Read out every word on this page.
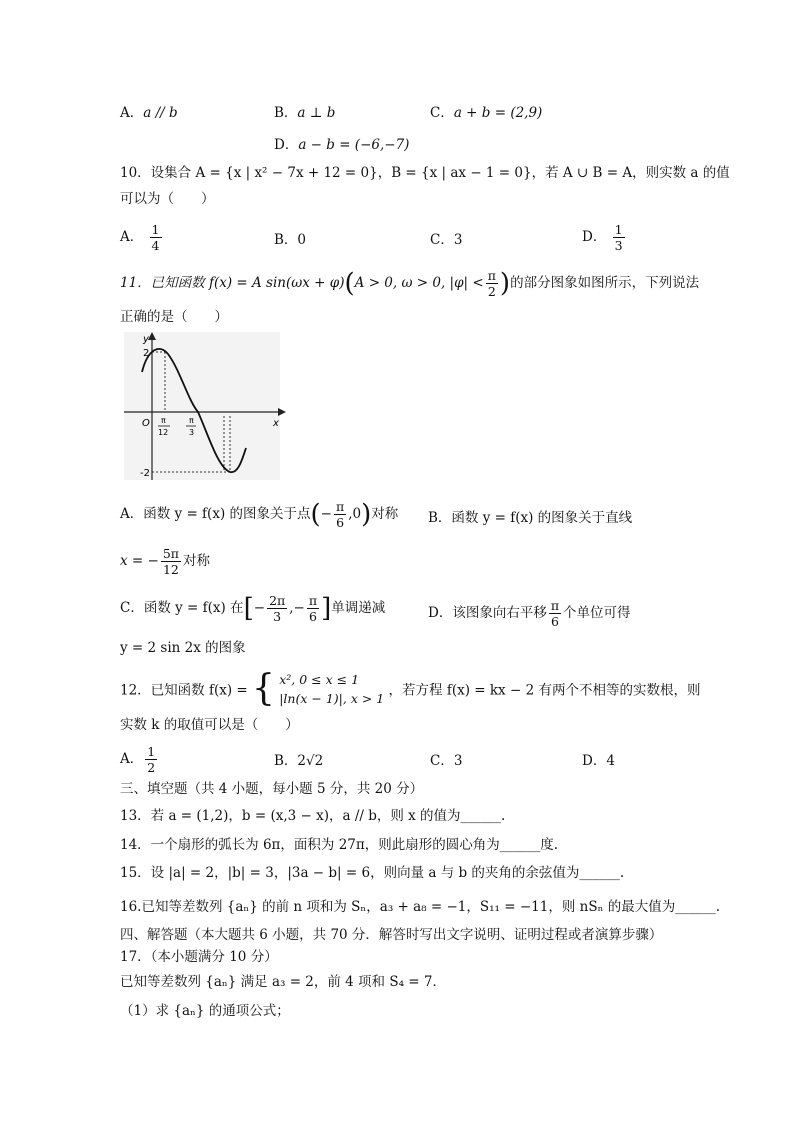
A．a // b	B．a ⊥ b	C．a + b = (2,9)
D．a − b = (−6,−7)
10．设集合 A = {x | x² − 7x + 12 = 0}，B = {x | ax − 1 = 0}，若 A ∪ B = A，则实数 a 的值
可以为（　　）
A． $\frac{1}{4}$	B．0	C．3	D． $\frac{1}{3}$
11．已知函数 f(x) = A sin(ωx + φ)(A > 0, ω > 0, $|\varphi| < \frac{\pi}{2}$ )的部分图象如图所示，下列说法
正确的是（　　）
y
x
O
2
-2
π
12
π
3
A．函数 y = f(x) 的图象关于点(− $\frac{\pi}{6} ,0$)对称 B．函数 y = f(x) 的图象关于直线
x = − $\frac{5\pi}{12}$ 对称
C．函数 y = f(x) 在[− $\frac{2\pi}{3}$ ,− $\frac{\pi}{6}$ ]单调递减	D．该图象向右平移 $\frac{\pi}{6}$ 个单位可得
y = 2 sin 2x 的图象
12．已知函数 f(x) = { x², 0 ≤ x ≤ 1
|ln(x − 1)|, x > 1 ，若方程 f(x) = kx − 2 有两个不相等的实数根，则
实数 k 的取值可以是（　　）
A． $\frac{1}{2}$	B．2√2	C．3	D．4
三、填空题（共 4 小题，每小题 5 分，共 20 分）
13．若 a = (1,2)，b = (x,3 − x)，a // b，则 x 的值为______.
14．一个扇形的弧长为 6π，面积为 27π，则此扇形的圆心角为______度.
15．设 |a| = 2，|b| = 3，|3a − b| = 6，则向量 a 与 b 的夹角的余弦值为______.
16.已知等差数列 {aₙ} 的前 n 项和为 Sₙ，a₃ + a₈ = −1，S₁₁ = −11，则 nSₙ 的最大值为______.
四、解答题（本大题共 6 小题，共 70 分．解答时写出文字说明、证明过程或者演算步骤）
17．（本小题满分 10 分）
已知等差数列 {aₙ} 满足 a₃ = 2，前 4 项和 S₄ = 7．
（1）求 {aₙ} 的通项公式；
